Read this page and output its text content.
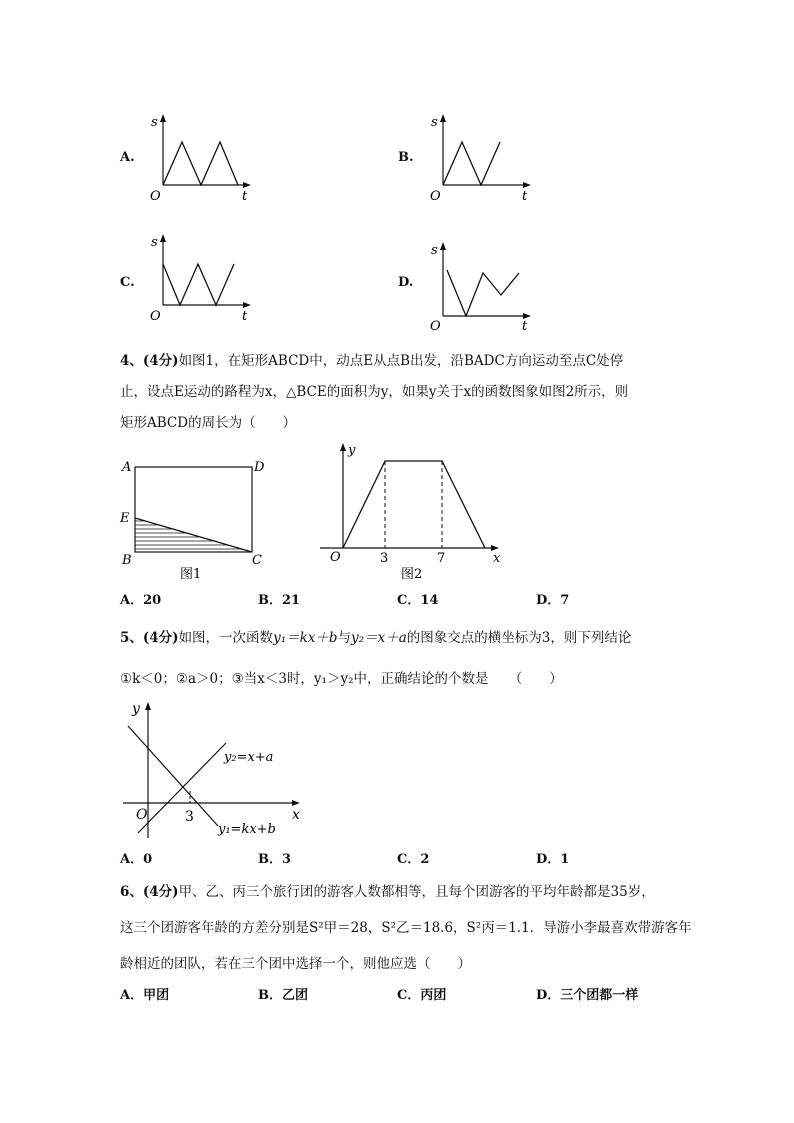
A.
s
O	t
B.
s
O	t
C.
s
O	t
D.
s
O	t
4、(4分)如图1，在矩形ABCD中，动点E从点B出发，沿BADC方向运动至点C处停
止，设点E运动的路程为x，△BCE的面积为y，如果y关于x的函数图象如图2所示，则
矩形ABCD的周长为（　　）
A	D
E
B	C
图1
y
O	3	7	x
图2
A．20	B．21	C．14	D．7
5、(4分)如图，一次函数y₁＝kx＋b与y₂＝x＋a的图象交点的横坐标为3，则下列结论
①k＜0；②a＞0；③当x＜3时，y₁＞y₂中，正确结论的个数是　　（　　）
y
O	3	x
y₂=x+a
y₁=kx+b
A．0	B．3	C．2	D．1
6、(4分)甲、乙、丙三个旅行团的游客人数都相等，且每个团游客的平均年龄都是35岁，
这三个团游客年龄的方差分别是S²甲＝28，S²乙＝18.6，S²丙＝1.1．导游小李最喜欢带游客年
龄相近的团队，若在三个团中选择一个，则他应选（　　）
A．甲团	B．乙团	C．丙团	D．三个团都一样
